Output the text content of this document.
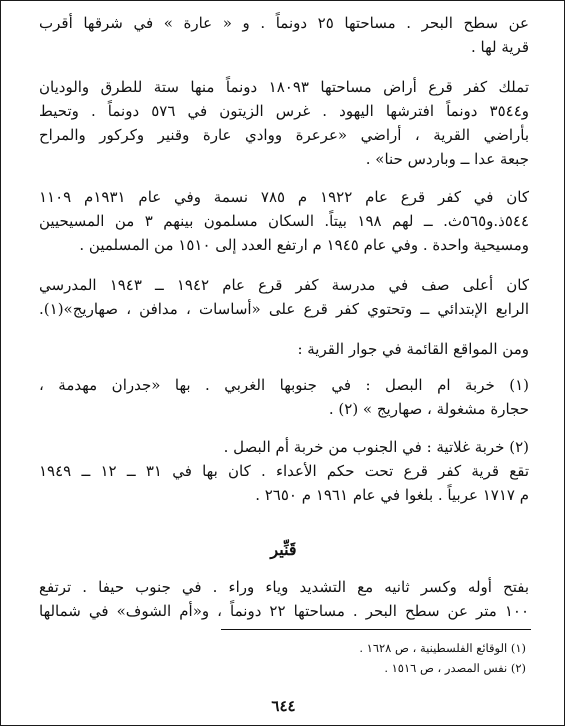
عن سطح البحر . مساحتها ٢٥ دونماً . و « عارة » في شرقها أقرب
قرية لها .
تملك كفر قرع أراض مساحتها ١٨٠٩٣ دونماً منها ستة للطرق والوديان
و٣٥٤٤ دونماً افترشها اليهود . غرس الزيتون في ٥٧٦ دونماً . وتحيط
بأراضي القرية ، أراضي «عرعرة ووادي عارة وقنير وكركور والمراح
جبعة عدا ــ وباردس حنا» .
كان في كفر قرع عام ١٩٢٢ م ٧٨٥ نسمة وفي عام ١٩٣١م ١١٠٩
٥٤٤ذ.و٥٦٥ث. ــ لهم ١٩٨ بيتاً. السكان مسلمون بينهم ٣ من المسيحيين
ومسيحية واحدة . وفي عام ١٩٤٥ م ارتفع العدد إلى ١٥١٠ من المسلمين .
كان أعلى صف في مدرسة كفر قرع عام ١٩٤٢ ــ ١٩٤٣ المدرسي
الرابع الإبتدائي ــ وتحتوي كفر قرع على «أساسات ، مدافن ، صهاريج»(١).
ومن المواقع القائمة في جوار القرية :
(١) خربة ام البصل : في جنوبها الغربي . بها «جدران مهدمة ،
حجارة مشغولة ، صهاريج » (٢) .
(٢) خربة غلاتية : في الجنوب من خربة أم البصل .
تقع قرية كفر قرع تحت حكم الأعداء . كان بها في ٣١ ــ ١٢ ــ ١٩٤٩
م ١٧١٧ عربياً . بلغوا في عام ١٩٦١ م ٢٦٥٠ .
قَنِّير
بفتح أوله وكسر ثانيه مع التشديد وياء وراء . في جنوب حيفا . ترتفع
١٠٠ متر عن سطح البحر . مساحتها ٢٢ دونماً ، و«أم الشوف» في شمالها
(١) الوقائع الفلسطينية ، ص ١٦٢٨ .
(٢) نفس المصدر ، ص ١٥١٦ .
٦٤٤
